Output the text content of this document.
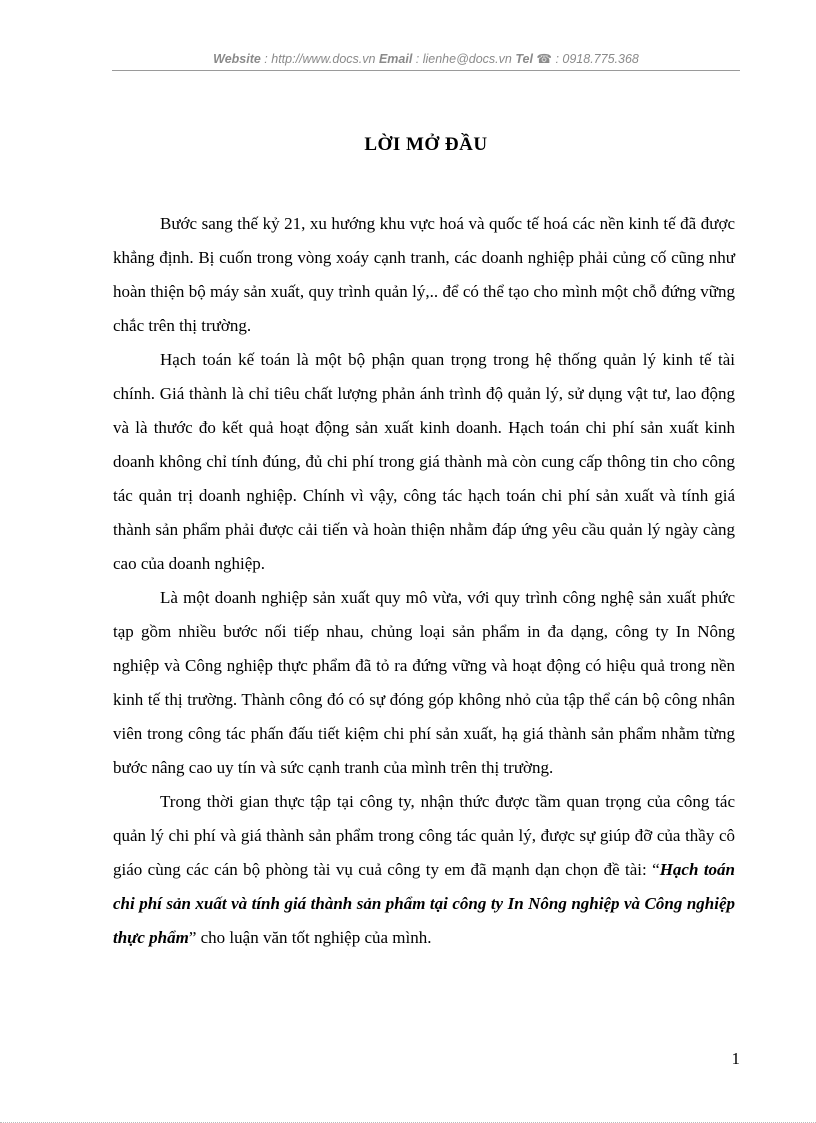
Website : http://www.docs.vn Email : lienhe@docs.vn Tel ☎ : 0918.775.368
LỜI MỞ ĐẦU

Bước sang thế kỷ 21, xu hướng khu vực hoá và quốc tế hoá các nền kinh tế đã được khẳng định. Bị cuốn trong vòng xoáy cạnh tranh, các doanh nghiệp phải củng cố cũng như hoàn thiện bộ máy sản xuất, quy trình quản lý,.. để có thể tạo cho mình một chỗ đứng vững chắc trên thị trường.

Hạch toán kế toán là một bộ phận quan trọng trong hệ thống quản lý kinh tế tài chính. Giá thành là chỉ tiêu chất lượng phản ánh trình độ quản lý, sử dụng vật tư, lao động và là thước đo kết quả hoạt động sản xuất kinh doanh. Hạch toán chi phí sản xuất kinh doanh không chỉ tính đúng, đủ chi phí trong giá thành mà còn cung cấp thông tin cho công tác quản trị doanh nghiệp. Chính vì vậy, công tác hạch toán chi phí sản xuất và tính giá thành sản phẩm phải được cải tiến và hoàn thiện nhằm đáp ứng yêu cầu quản lý ngày càng cao của doanh nghiệp.

Là một doanh nghiệp sản xuất quy mô vừa, với quy trình công nghệ sản xuất phức tạp gồm nhiều bước nối tiếp nhau, chủng loại sản phẩm in đa dạng, công ty In Nông nghiệp và Công nghiệp thực phẩm đã tỏ ra đứng vững và hoạt động có hiệu quả trong nền kinh tế thị trường. Thành công đó có sự đóng góp không nhỏ của tập thể cán bộ công nhân viên trong công tác phấn đấu tiết kiệm chi phí sản xuất, hạ giá thành sản phẩm nhằm từng bước nâng cao uy tín và sức cạnh tranh của mình trên thị trường.

Trong thời gian thực tập tại công ty, nhận thức được tầm quan trọng của công tác quản lý chi phí và giá thành sản phẩm trong công tác quản lý, được sự giúp đỡ của thầy cô giáo cùng các cán bộ phòng tài vụ cuả công ty em đã mạnh dạn chọn đề tài: “Hạch toán chi phí sản xuất và tính giá thành sản phẩm tại công ty In Nông nghiệp và Công nghiệp thực phẩm” cho luận văn tốt nghiệp của mình.

1
